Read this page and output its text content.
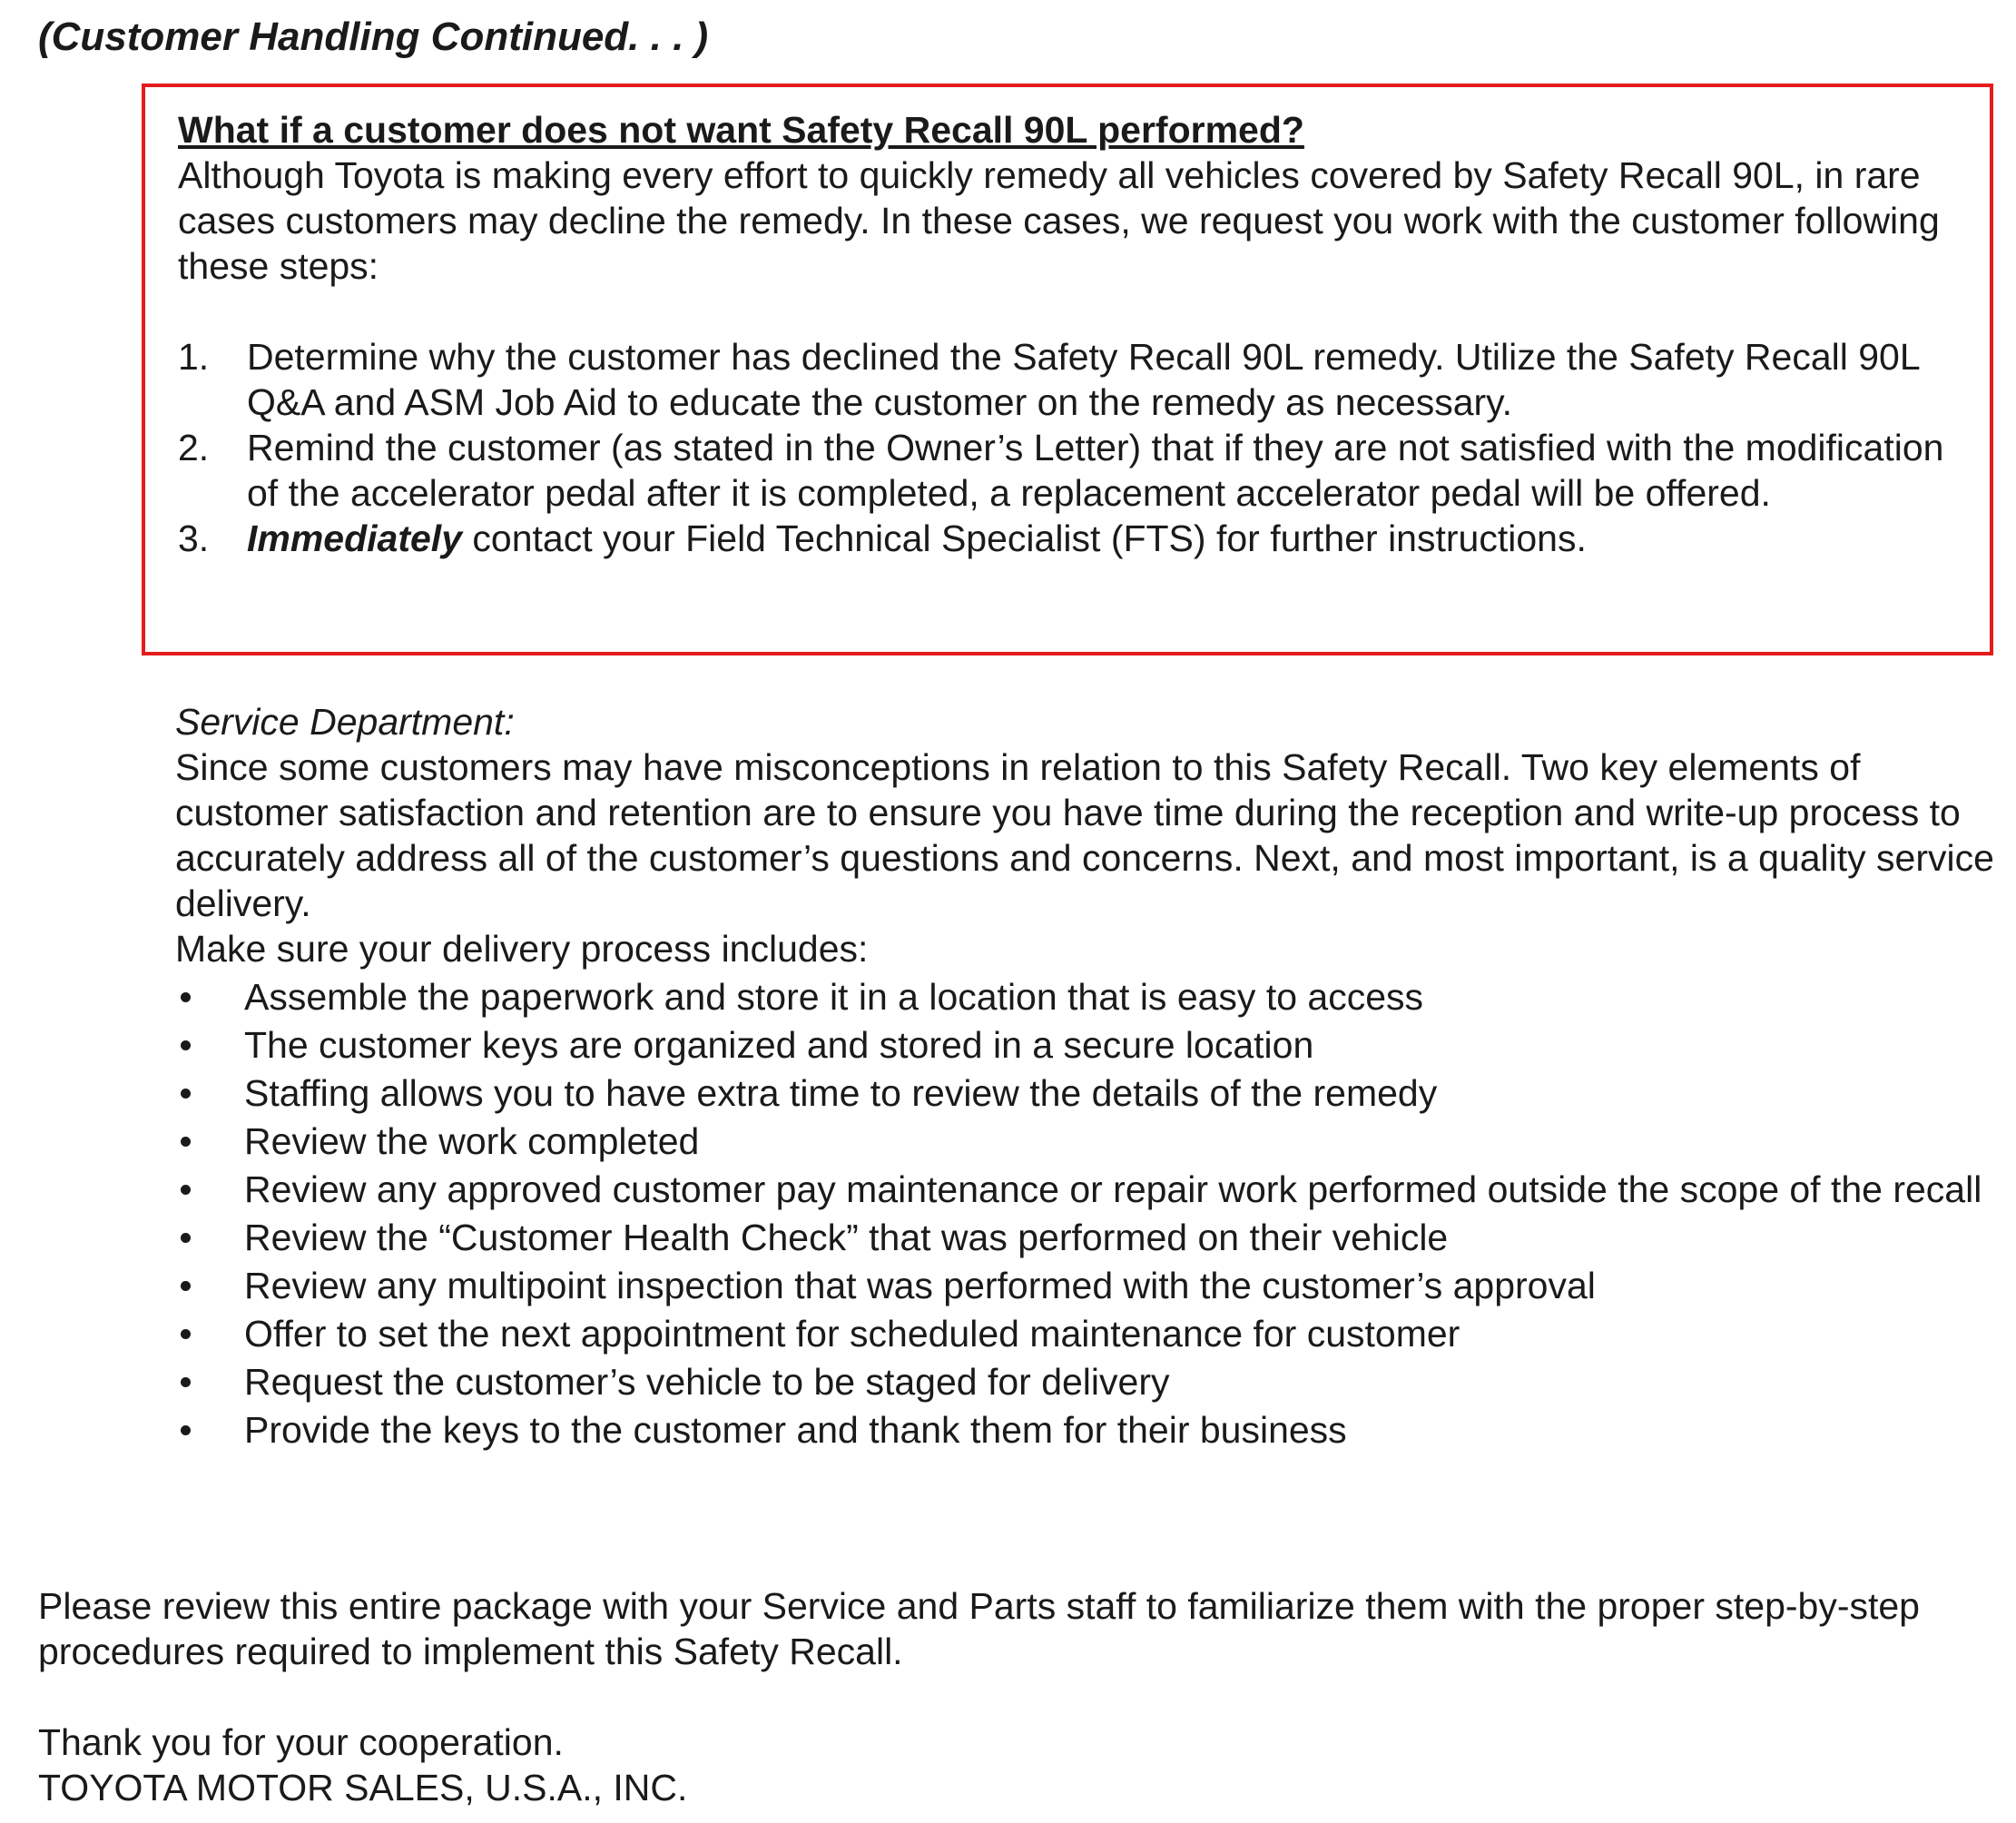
(Customer Handling Continued. . . )
What if a customer does not want Safety Recall 90L performed?

Although Toyota is making every effort to quickly remedy all vehicles covered by Safety Recall 90L, in rare cases customers may decline the remedy. In these cases, we request you work with the customer following these steps:

1.	Determine why the customer has declined the Safety Recall 90L remedy. Utilize the Safety Recall 90L Q&A and ASM Job Aid to educate the customer on the remedy as necessary.
2.	Remind the customer (as stated in the Owner’s Letter) that if they are not satisfied with the modification of the accelerator pedal after it is completed, a replacement accelerator pedal will be offered.
3.	Immediately contact your Field Technical Specialist (FTS) for further instructions.
Service Department:

Since some customers may have misconceptions in relation to this Safety Recall. Two key elements of customer satisfaction and retention are to ensure you have time during the reception and write-up process to accurately address all of the customer’s questions and concerns. Next, and most important, is a quality service delivery.

Make sure your delivery process includes:
Assemble the paperwork and store it in a location that is easy to access
The customer keys are organized and stored in a secure location
Staffing allows you to have extra time to review the details of the remedy
Review the work completed
Review any approved customer pay maintenance or repair work performed outside the scope of the recall
Review the “Customer Health Check” that was performed on their vehicle
Review any multipoint inspection that was performed with the customer’s approval
Offer to set the next appointment for scheduled maintenance for customer
Request the customer’s vehicle to be staged for delivery
Provide the keys to the customer and thank them for their business

Please review this entire package with your Service and Parts staff to familiarize them with the proper step-by-step procedures required to implement this Safety Recall.

Thank you for your cooperation.
TOYOTA MOTOR SALES, U.S.A., INC.
